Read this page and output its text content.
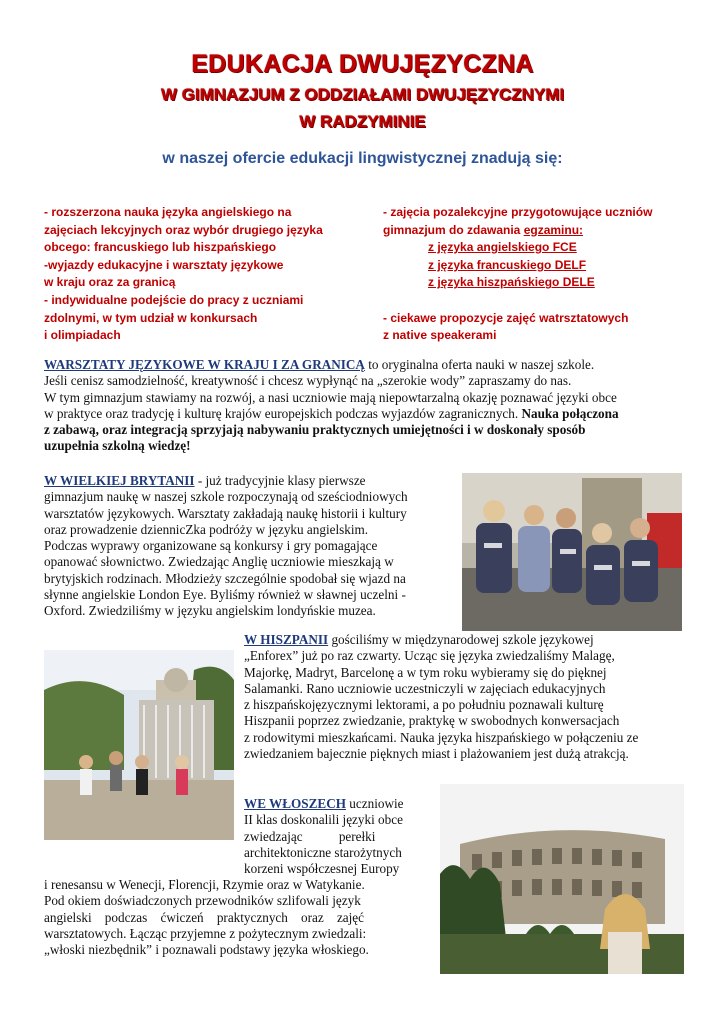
EDUKACJA DWUJĘZYCZNA
W GIMNAZJUM Z ODDZIAŁAMI DWUJĘZYCZNYMI
W RADZYMINIE
w naszej ofercie edukacji lingwistycznej znadują się:
- rozszerzona nauka języka angielskiego na
zajęciach lekcyjnych oraz wybór drugiego języka
obcego: francuskiego lub hiszpańskiego
-wyjazdy edukacyjne i warsztaty językowe
w kraju oraz za granicą
- indywidualne podejście do pracy z uczniami
zdolnymi, w tym udział w konkursach
i olimpiadach
- zajęcia pozalekcyjne przygotowujące uczniów
gimnazjum do zdawania egzaminu:
z języka angielskiego FCE
z języka francuskiego DELF
z języka hiszpańskiego DELE
- ciekawe propozycje zajęć watrsztatowych
z native speakerami
WARSZTATY JĘZYKOWE W KRAJU I ZA GRANICĄ to oryginalna oferta nauki w naszej szkole.
Jeśli cenisz samodzielność, kreatywność i chcesz wypłynąć na „szerokie wody” zapraszamy do nas.
W tym gimnazjum stawiamy na rozwój, a nasi uczniowie mają niepowtarzalną okazję poznawać języki obce
w praktyce oraz tradycję i kulturę krajów europejskich podczas wyjazdów zagranicznych. Nauka połączona
z zabawą, oraz integracją sprzyjają nabywaniu praktycznych umiejętności i w doskonały sposób
uzupełnia szkolną wiedzę!
W WIELKIEJ BRYTANII - już tradycyjnie klasy pierwsze
gimnazjum naukę w naszej szkole rozpoczynają od sześciodniowych
warsztatów językowych. Warsztaty zakładają naukę historii i kultury
oraz prowadzenie dziennicZka podróży w języku angielskim.
Podczas wyprawy organizowane są konkursy i gry pomagające
opanować słownictwo. Zwiedzając Anglię uczniowie mieszkają w
brytyjskich rodzinach. Młodzieży szczególnie spodobał się wjazd na
słynne angielskie London Eye. Byliśmy również w sławnej uczelni -
Oxford. Zwiedziliśmy w języku angielskim londyńskie muzea.
W HISZPANII gościliśmy w międzynarodowej szkole językowej
„Enforex” już po raz czwarty. Ucząc się języka zwiedzaliśmy Malagę,
Majorkę, Madryt, Barcelonę a w tym roku wybieramy się do pięknej
Salamanki. Rano uczniowie uczestniczyli w zajęciach edukacyjnych
z hiszpańskojęzycznymi lektorami, a po południu poznawali kulturę
Hiszpanii poprzez zwiedzanie, praktykę w swobodnych konwersacjach
z rodowitymi mieszkańcami. Nauka języka hiszpańskiego w połączeniu ze
zwiedzaniem bajecznie pięknych miast i plażowaniem jest dużą atrakcją.
WE WŁOSZECH uczniowie
II klas doskonalili języki obce
zwiedzając           perełki
architektoniczne starożytnych
korzeni współczesnej Europy
i renesansu w Wenecji, Florencji, Rzymie oraz w Watykanie.
Pod okiem doświadczonych przewodników szlifowali język
angielski    podczas    ćwiczeń    praktycznych    oraz    zajęć
warsztatowych. Łącząc przyjemne z pożytecznym zwiedzali:
„włoski niezbędnik” i poznawali podstawy języka włoskiego.
